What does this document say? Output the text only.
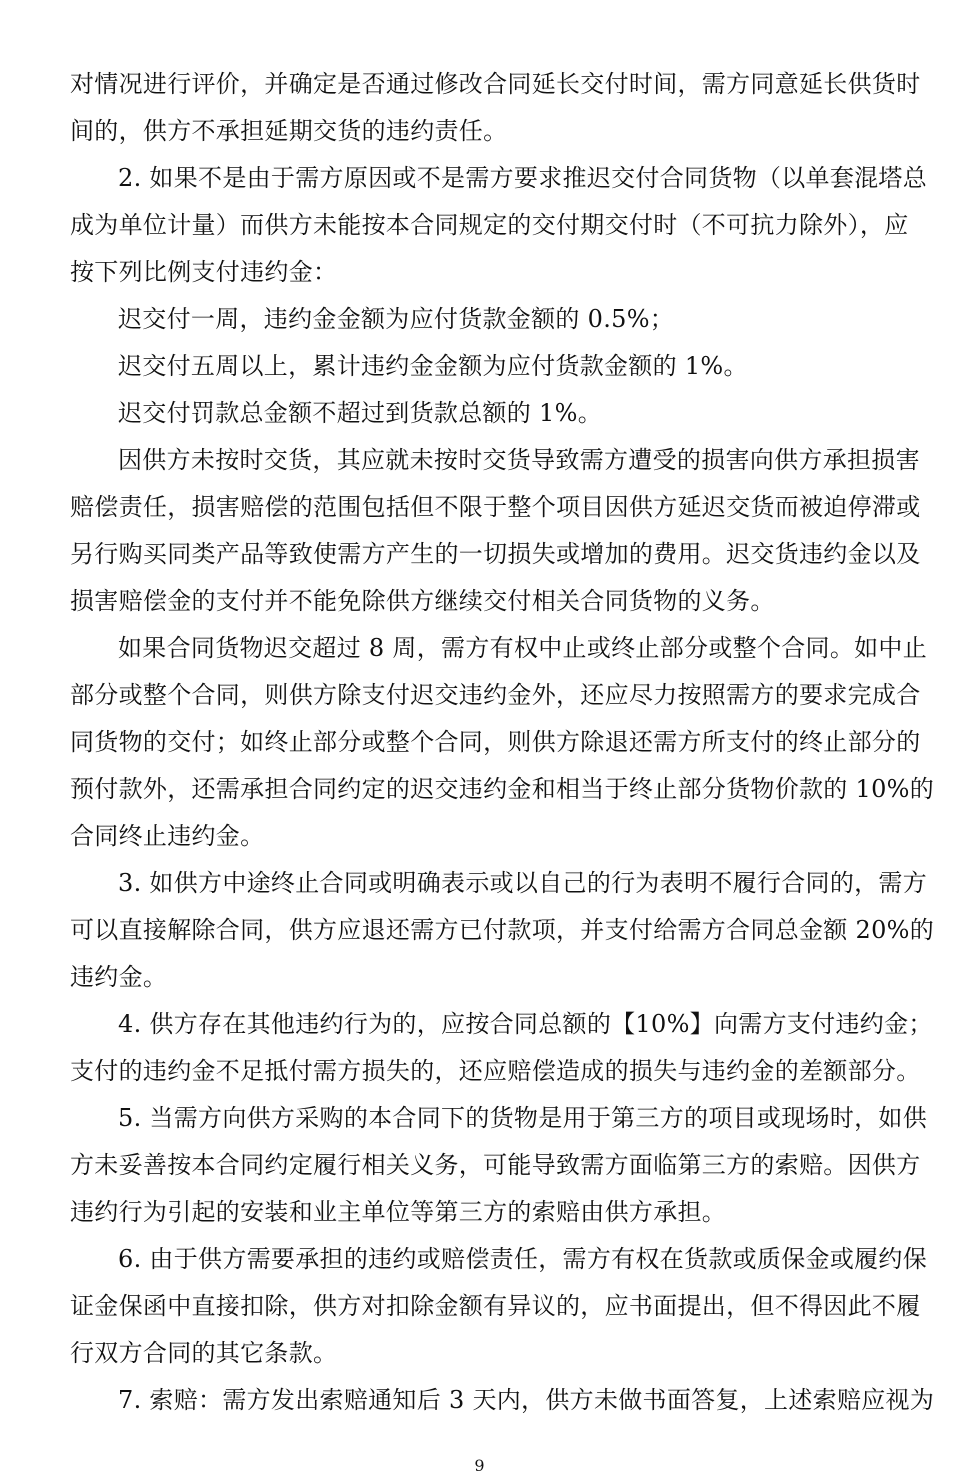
对情况进行评价，并确定是否通过修改合同延长交付时间，需方同意延长供货时
间的，供方不承担延期交货的违约责任。
2. 如果不是由于需方原因或不是需方要求推迟交付合同货物（以单套混塔总
成为单位计量）而供方未能按本合同规定的交付期交付时（不可抗力除外），应
按下列比例支付违约金：
迟交付一周，违约金金额为应付货款金额的 0.5%；
迟交付五周以上，累计违约金金额为应付货款金额的 1%。
迟交付罚款总金额不超过到货款总额的 1%。
因供方未按时交货，其应就未按时交货导致需方遭受的损害向供方承担损害
赔偿责任，损害赔偿的范围包括但不限于整个项目因供方延迟交货而被迫停滞或
另行购买同类产品等致使需方产生的一切损失或增加的费用。迟交货违约金以及
损害赔偿金的支付并不能免除供方继续交付相关合同货物的义务。
如果合同货物迟交超过 8 周，需方有权中止或终止部分或整个合同。如中止
部分或整个合同，则供方除支付迟交违约金外，还应尽力按照需方的要求完成合
同货物的交付；如终止部分或整个合同，则供方除退还需方所支付的终止部分的
预付款外，还需承担合同约定的迟交违约金和相当于终止部分货物价款的 10%的
合同终止违约金。
3. 如供方中途终止合同或明确表示或以自己的行为表明不履行合同的，需方
可以直接解除合同，供方应退还需方已付款项，并支付给需方合同总金额 20%的
违约金。
4. 供方存在其他违约行为的，应按合同总额的【10%】向需方支付违约金；
支付的违约金不足抵付需方损失的，还应赔偿造成的损失与违约金的差额部分。
5. 当需方向供方采购的本合同下的货物是用于第三方的项目或现场时，如供
方未妥善按本合同约定履行相关义务，可能导致需方面临第三方的索赔。因供方
违约行为引起的安装和业主单位等第三方的索赔由供方承担。
6. 由于供方需要承担的违约或赔偿责任，需方有权在货款或质保金或履约保
证金保函中直接扣除，供方对扣除金额有异议的，应书面提出，但不得因此不履
行双方合同的其它条款。
7. 索赔：需方发出索赔通知后 3 天内，供方未做书面答复，上述索赔应视为
9
